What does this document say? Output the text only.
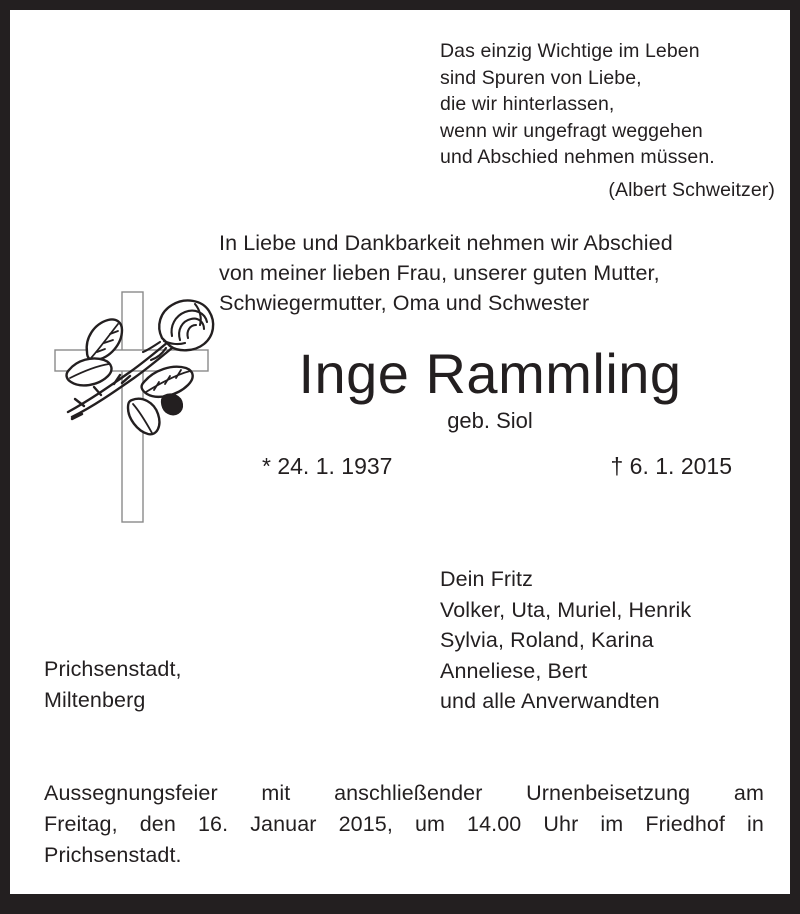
Das einzig Wichtige im Leben
sind Spuren von Liebe,
die wir hinterlassen,
wenn wir ungefragt weggehen
und Abschied nehmen müssen.
(Albert Schweitzer)
In Liebe und Dankbarkeit nehmen wir Abschied
von meiner lieben Frau, unserer guten Mutter,
Schwiegermutter, Oma und Schwester
Inge Rammling
geb. Siol
* 24. 1. 1937	† 6. 1. 2015
Dein Fritz
Volker, Uta, Muriel, Henrik
Sylvia, Roland, Karina
Anneliese, Bert
und alle Anverwandten
Prichsenstadt,
Miltenberg
Aussegnungsfeier mit anschließender Urnenbeisetzung am
Freitag, den 16. Januar 2015, um 14.00 Uhr im Friedhof in
Prichsenstadt.
